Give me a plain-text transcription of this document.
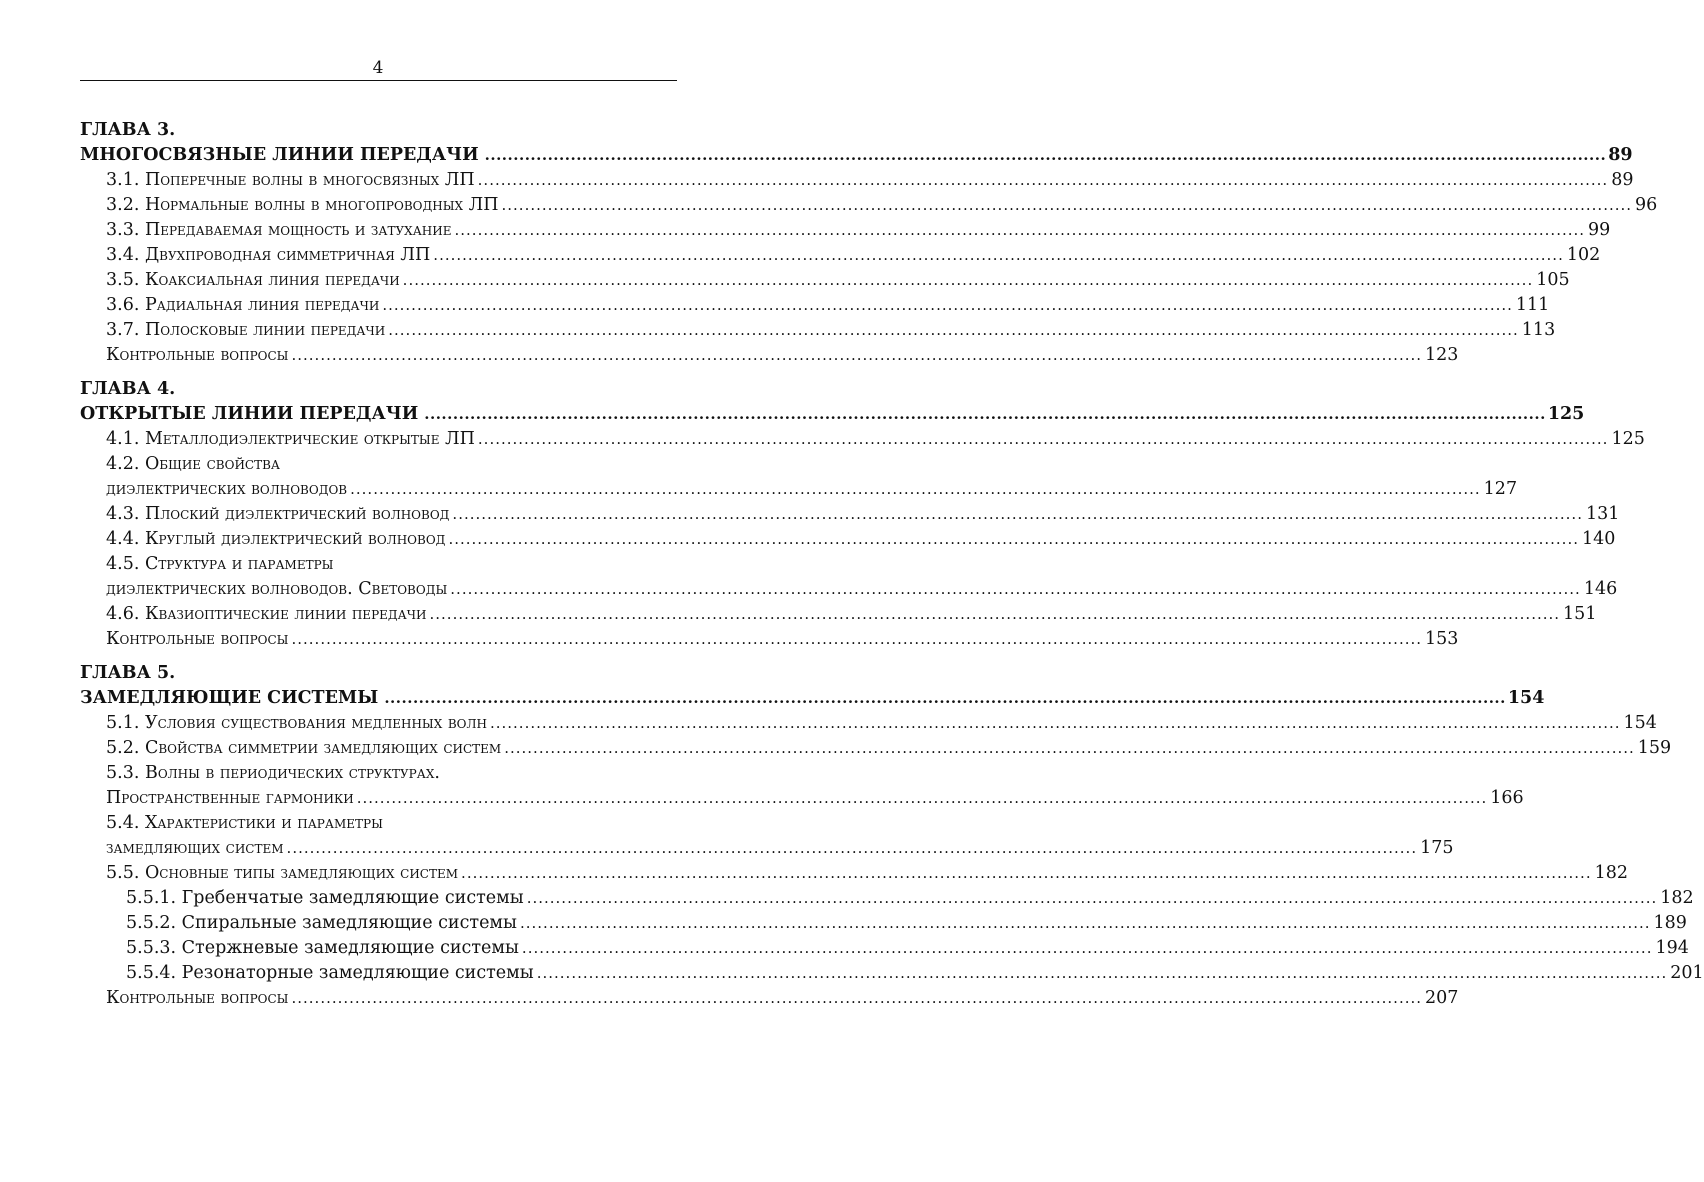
4
ГЛАВА 3.
МНОГОСВЯЗНЫЕ ЛИНИИ ПЕРЕДАЧИ .................................................................................................................................................................................................... 89
3.1. Поперечные волны в многосвязных ЛП .................................................................................................................................................................................................... 89
3.2. Нормальные волны в многопроводных ЛП .................................................................................................................................................................................................... 96
3.3. Передаваемая мощность и затухание .................................................................................................................................................................................................... 99
3.4. Двухпроводная симметричная ЛП .................................................................................................................................................................................................... 102
3.5. Коаксиальная линия передачи .................................................................................................................................................................................................... 105
3.6. Радиальная линия передачи .................................................................................................................................................................................................... 111
3.7. Полосковые линии передачи .................................................................................................................................................................................................... 113
Контрольные вопросы .................................................................................................................................................................................................... 123
ГЛАВА 4.
ОТКРЫТЫЕ ЛИНИИ ПЕРЕДАЧИ .................................................................................................................................................................................................... 125
4.1. Металлодиэлектрические открытые ЛП .................................................................................................................................................................................................... 125
4.2. Общие свойства
диэлектрических волноводов .................................................................................................................................................................................................... 127
4.3. Плоский диэлектрический волновод .................................................................................................................................................................................................... 131
4.4. Круглый диэлектрический волновод .................................................................................................................................................................................................... 140
4.5. Структура и параметры
диэлектрических волноводов. Световоды .................................................................................................................................................................................................... 146
4.6. Квазиоптические линии передачи .................................................................................................................................................................................................... 151
Контрольные вопросы .................................................................................................................................................................................................... 153
ГЛАВА 5.
ЗАМЕДЛЯЮЩИЕ СИСТЕМЫ .................................................................................................................................................................................................... 154
5.1. Условия существования медленных волн .................................................................................................................................................................................................... 154
5.2. Свойства симметрии замедляющих систем .................................................................................................................................................................................................... 159
5.3. Волны в периодических структурах.
Пространственные гармоники .................................................................................................................................................................................................... 166
5.4. Характеристики и параметры
замедляющих систем .................................................................................................................................................................................................... 175
5.5. Основные типы замедляющих систем .................................................................................................................................................................................................... 182
5.5.1. Гребенчатые замедляющие системы .................................................................................................................................................................................................... 182
5.5.2. Спиральные замедляющие системы .................................................................................................................................................................................................... 189
5.5.3. Стержневые замедляющие системы .................................................................................................................................................................................................... 194
5.5.4. Резонаторные замедляющие системы .................................................................................................................................................................................................... 201
Контрольные вопросы .................................................................................................................................................................................................... 207
